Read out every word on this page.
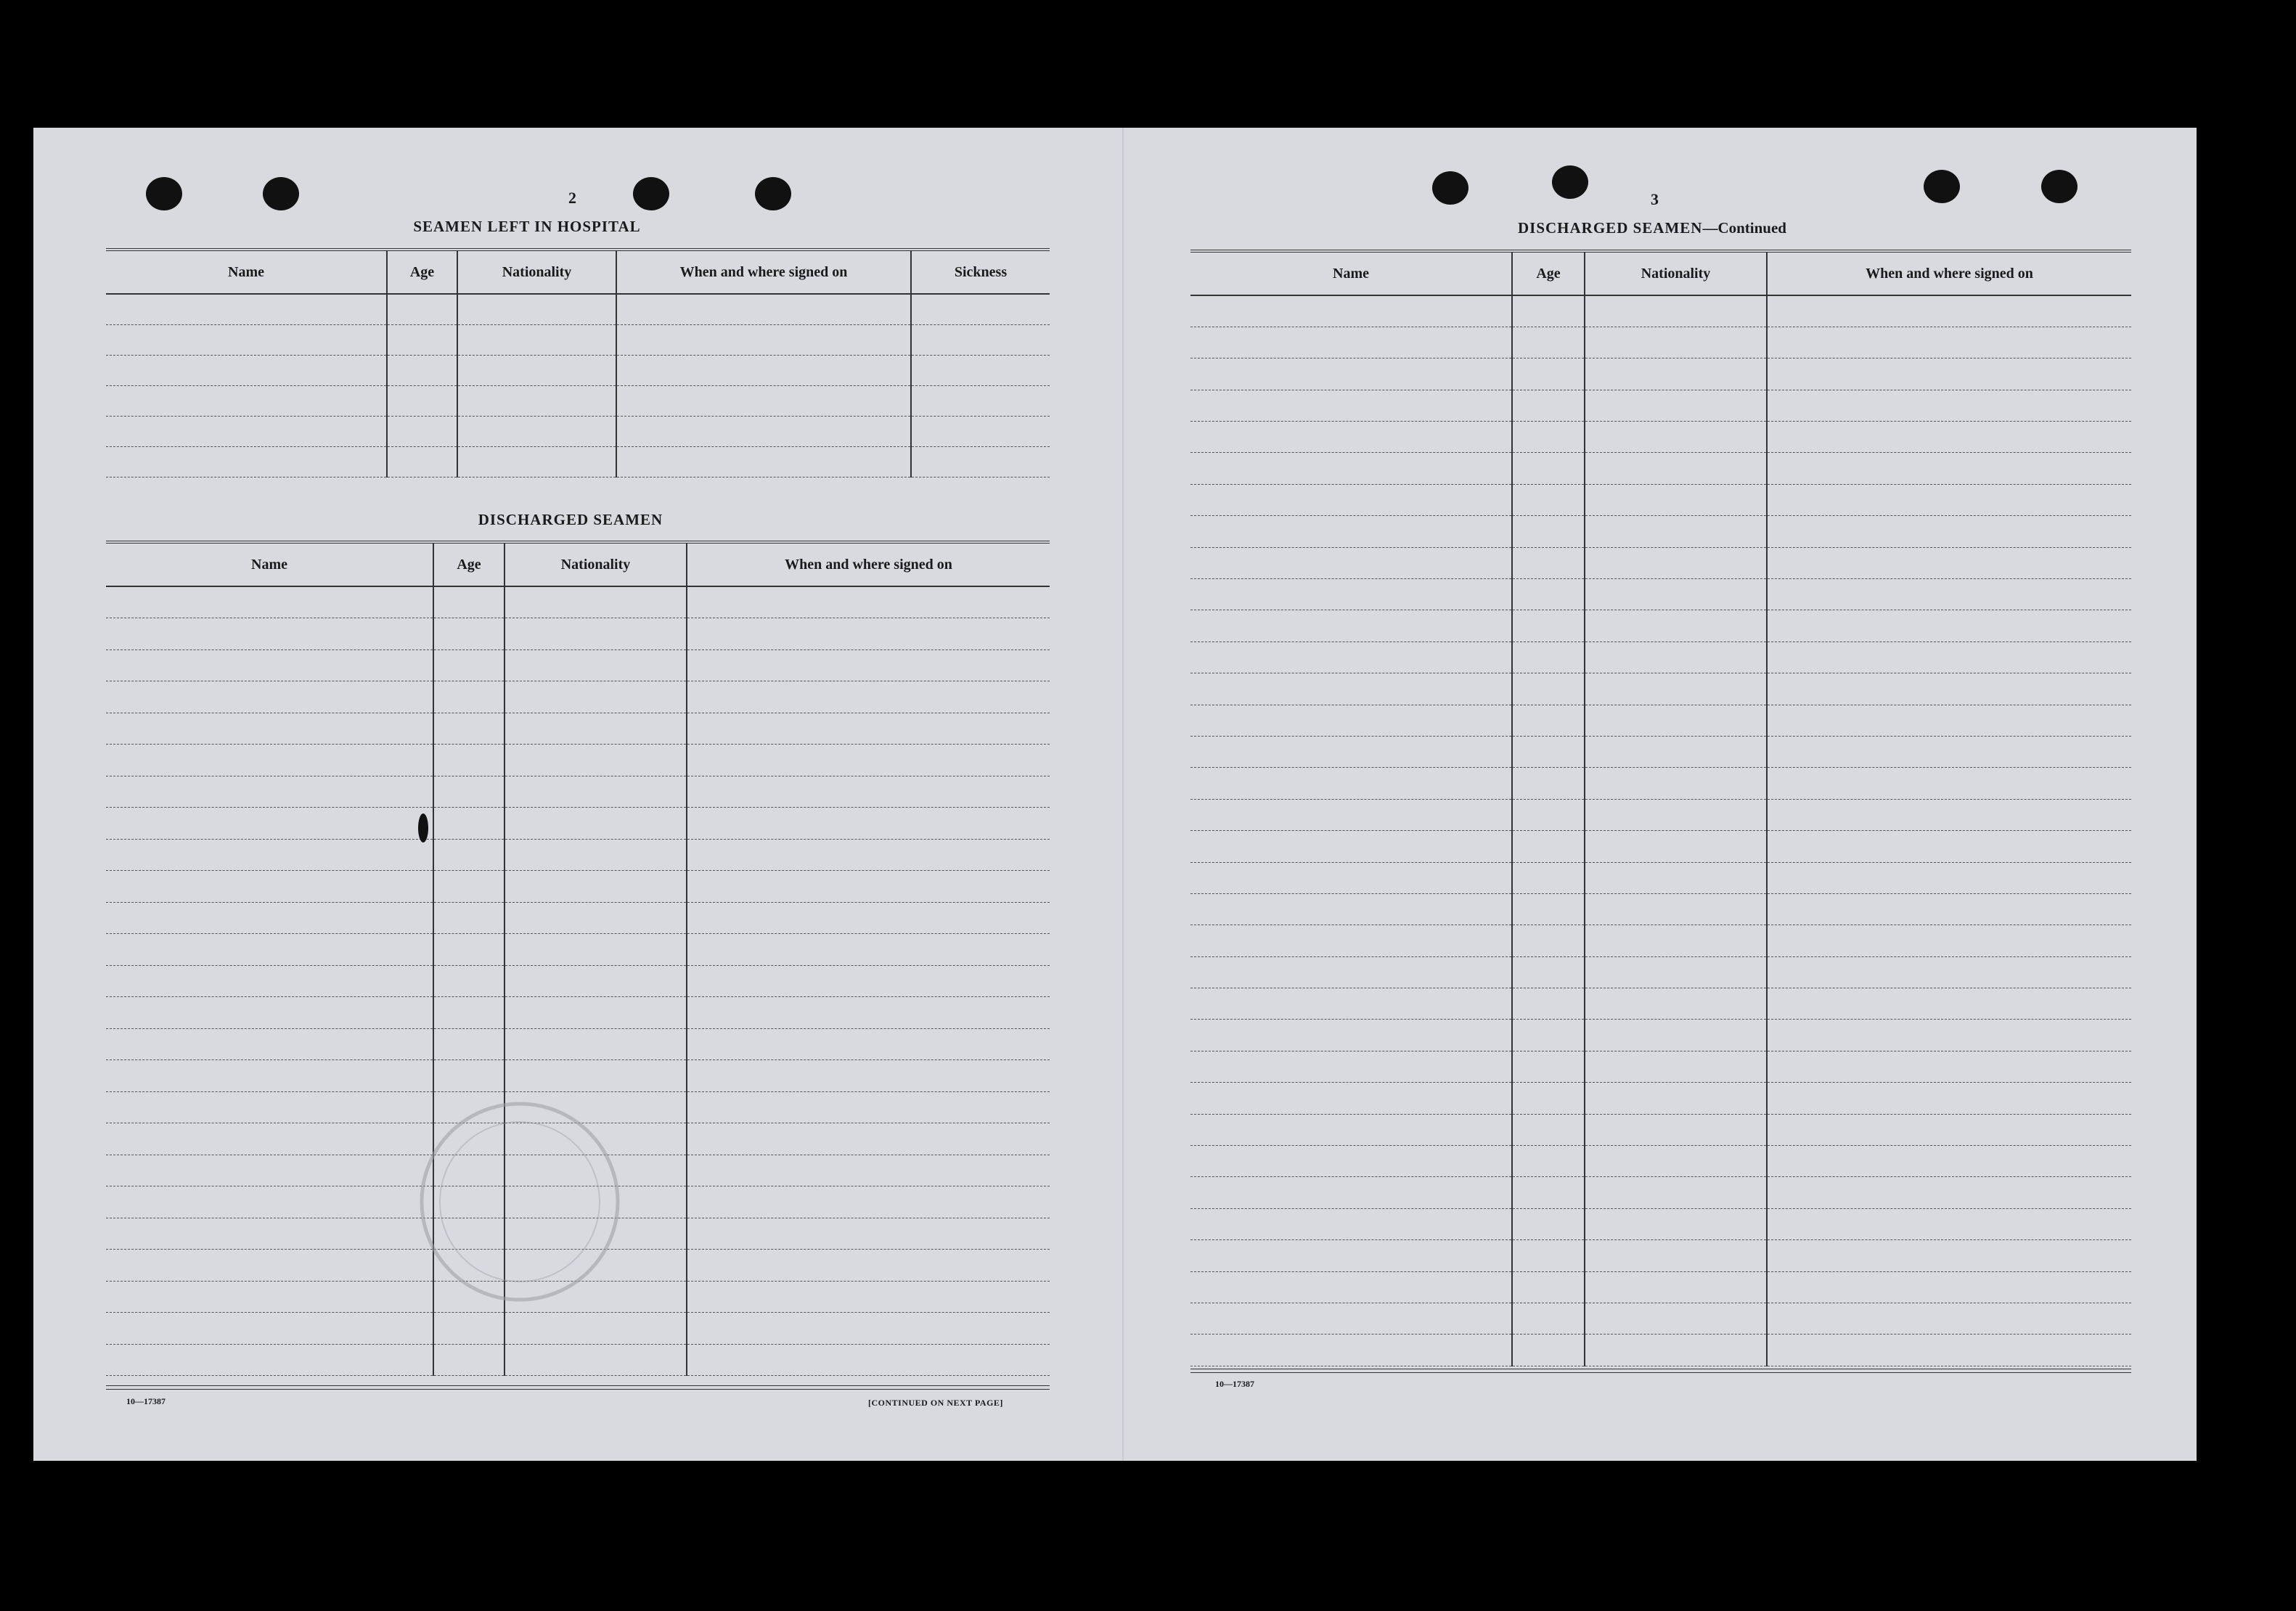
2
SEAMEN LEFT IN HOSPITAL
Name	Age	Nationality	When and where signed on	Sickness

DISCHARGED SEAMEN
Name	Age	Nationality	When and where signed on

10—17387	[CONTINUED ON NEXT PAGE]
3
DISCHARGED SEAMEN—Continued
Name	Age	Nationality	When and where signed on

10—17387
